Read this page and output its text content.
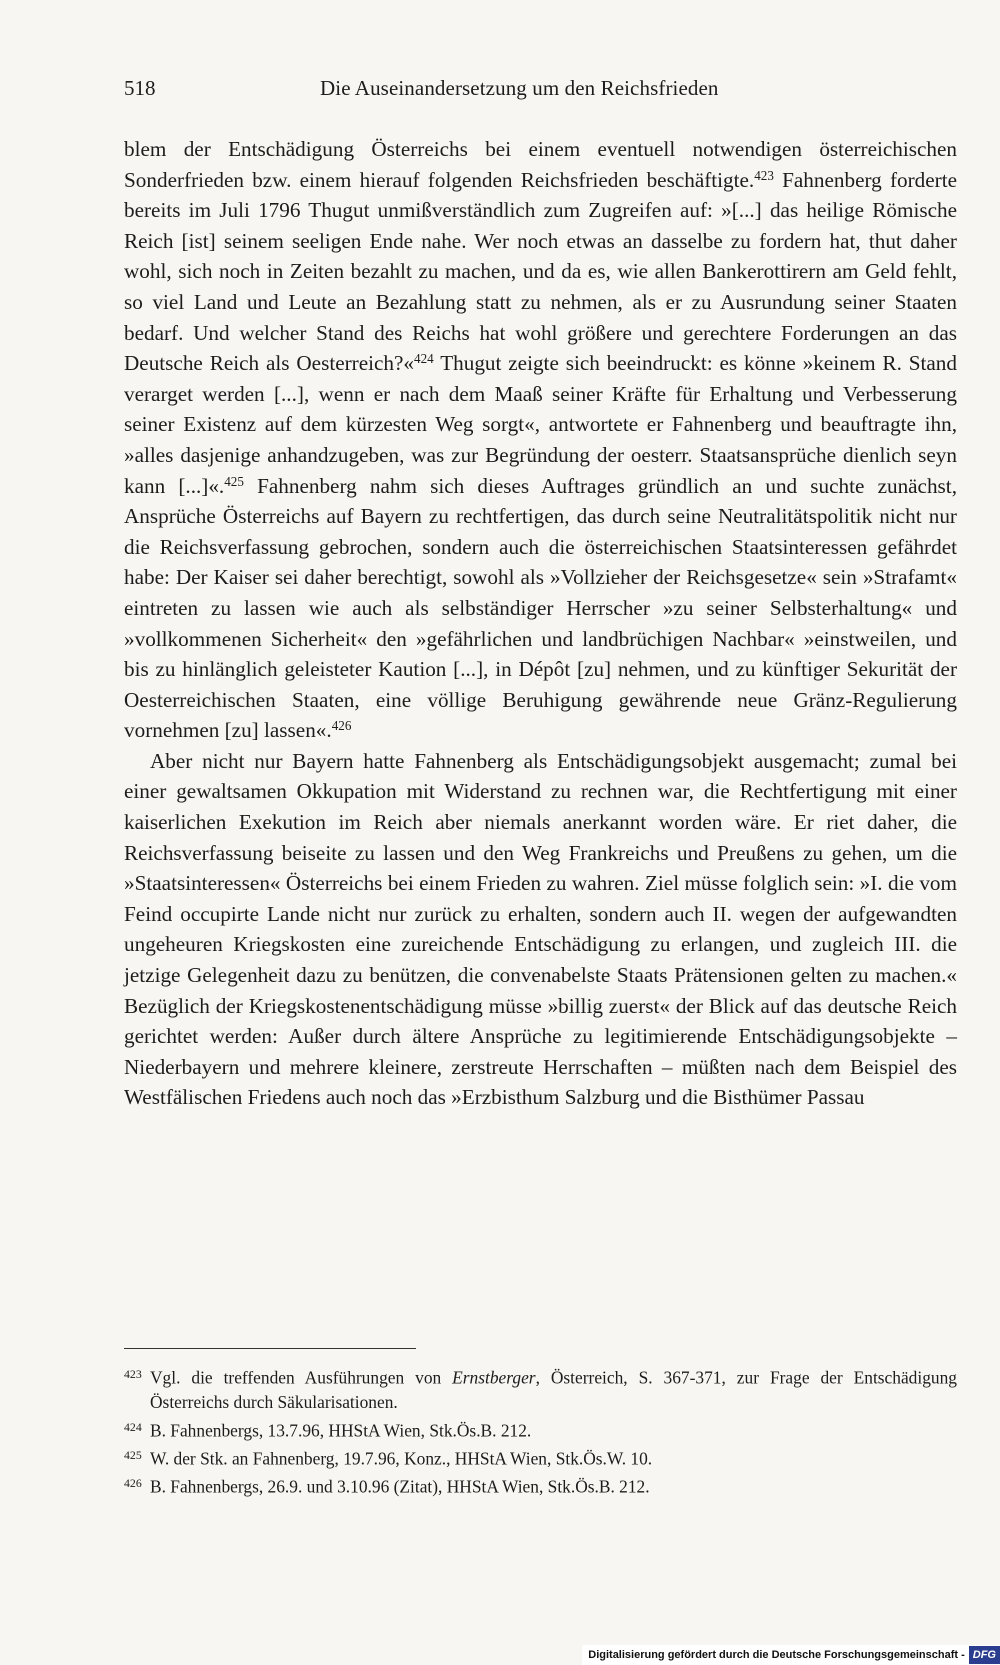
518	Die Auseinandersetzung um den Reichsfrieden

blem der Entschädigung Österreichs bei einem eventuell notwendigen österreichischen Sonderfrieden bzw. einem hierauf folgenden Reichsfrieden beschäftigte.$^{423}$ Fahnenberg forderte bereits im Juli 1796 Thugut unmißverständlich zum Zugreifen auf: »[...] das heilige Römische Reich [ist] seinem seeligen Ende nahe. Wer noch etwas an dasselbe zu fordern hat, thut daher wohl, sich noch in Zeiten bezahlt zu machen, und da es, wie allen Bankerottirern am Geld fehlt, so viel Land und Leute an Bezahlung statt zu nehmen, als er zu Ausrundung seiner Staaten bedarf. Und welcher Stand des Reichs hat wohl größere und gerechtere Forderungen an das Deutsche Reich als Oesterreich?«$^{424}$ Thugut zeigte sich beeindruckt: es könne »keinem R. Stand verarget werden [...], wenn er nach dem Maaß seiner Kräfte für Erhaltung und Verbesserung seiner Existenz auf dem kürzesten Weg sorgt«, antwortete er Fahnenberg und beauftragte ihn, »alles dasjenige anhandzugeben, was zur Begründung der oesterr. Staatsansprüche dienlich seyn kann [...]«.$^{425}$ Fahnenberg nahm sich dieses Auftrages gründlich an und suchte zunächst, Ansprüche Österreichs auf Bayern zu rechtfertigen, das durch seine Neutralitätspolitik nicht nur die Reichsverfassung gebrochen, sondern auch die österreichischen Staatsinteressen gefährdet habe: Der Kaiser sei daher berechtigt, sowohl als »Vollzieher der Reichsgesetze« sein »Strafamt« eintreten zu lassen wie auch als selbständiger Herrscher »zu seiner Selbsterhaltung« und »vollkommenen Sicherheit« den »gefährlichen und landbrüchigen Nachbar« »einstweilen, und bis zu hinlänglich geleisteter Kaution [...], in Dépôt [zu] nehmen, und zu künftiger Sekurität der Oesterreichischen Staaten, eine völlige Beruhigung gewährende neue Gränz-Regulierung vornehmen [zu] lassen«.$^{426}$

Aber nicht nur Bayern hatte Fahnenberg als Entschädigungsobjekt ausgemacht; zumal bei einer gewaltsamen Okkupation mit Widerstand zu rechnen war, die Rechtfertigung mit einer kaiserlichen Exekution im Reich aber niemals anerkannt worden wäre. Er riet daher, die Reichsverfassung beiseite zu lassen und den Weg Frankreichs und Preußens zu gehen, um die »Staatsinteressen« Österreichs bei einem Frieden zu wahren. Ziel müsse folglich sein: »I. die vom Feind occupirte Lande nicht nur zurück zu erhalten, sondern auch II. wegen der aufgewandten ungeheuren Kriegskosten eine zureichende Entschädigung zu erlangen, und zugleich III. die jetzige Gelegenheit dazu zu benützen, die convenabelste Staats Prätensionen gelten zu machen.« Bezüglich der Kriegskostenentschädigung müsse »billig zuerst« der Blick auf das deutsche Reich gerichtet werden: Außer durch ältere Ansprüche zu legitimierende Entschädigungsobjekte – Niederbayern und mehrere kleinere, zerstreute Herrschaften – müßten nach dem Beispiel des Westfälischen Friedens auch noch das »Erzbisthum Salzburg und die Bisthümer Passau

423 Vgl. die treffenden Ausführungen von Ernstberger, Österreich, S. 367-371, zur Frage der Entschädigung Österreichs durch Säkularisationen.

424 B. Fahnenbergs, 13.7.96, HHStA Wien, Stk.Ös.B. 212.

425 W. der Stk. an Fahnenberg, 19.7.96, Konz., HHStA Wien, Stk.Ös.W. 10.

426 B. Fahnenbergs, 26.9. und 3.10.96 (Zitat), HHStA Wien, Stk.Ös.B. 212.

Digitalisierung gefördert durch die Deutsche Forschungsgemeinschaft - DFG
